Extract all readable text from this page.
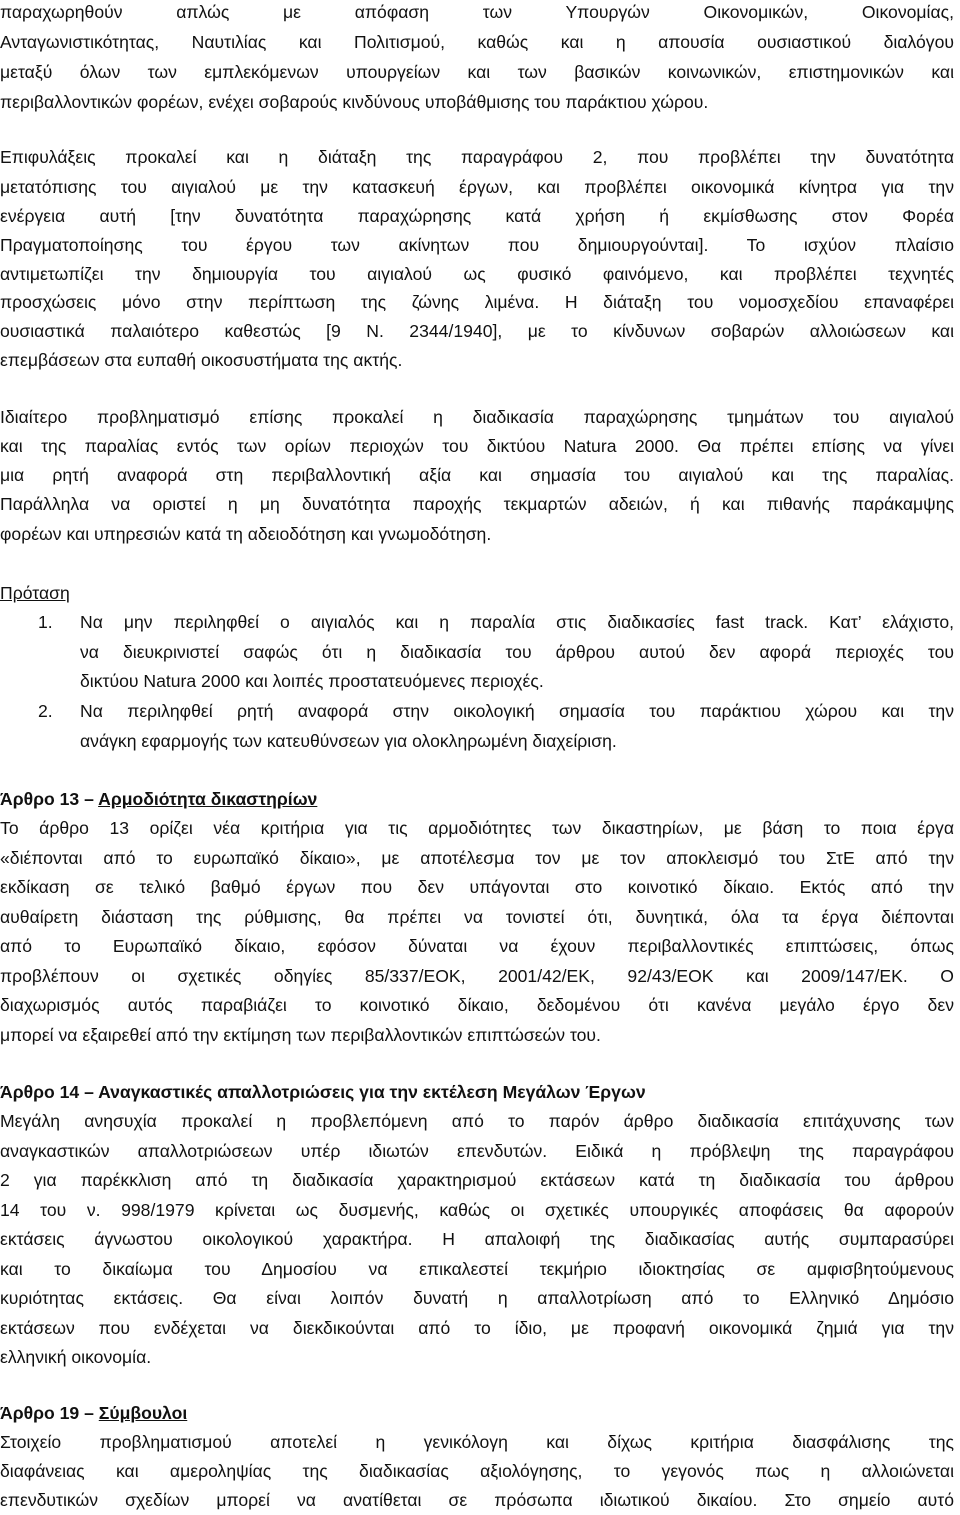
παραχωρηθούν απλώς με απόφαση των Υπουργών Οικονομικών, Οικονομίας,
Ανταγωνιστικότητας, Ναυτιλίας και Πολιτισμού, καθώς και η απουσία ουσιαστικού διαλόγου
μεταξύ όλων των εμπλεκόμενων υπουργείων και των βασικών κοινωνικών, επιστημονικών και
περιβαλλοντικών φορέων, ενέχει σοβαρούς κινδύνους υποβάθμισης του παράκτιου χώρου.
Επιφυλάξεις προκαλεί και η διάταξη της παραγράφου 2, που προβλέπει την δυνατότητα
μετατόπισης του αιγιαλού με την κατασκευή έργων, και προβλέπει οικονομικά κίνητρα για την
ενέργεια αυτή [την δυνατότητα παραχώρησης κατά χρήση ή εκμίσθωσης στον Φορέα
Πραγματοποίησης του έργου των ακίνητων που δημιουργούνται]. Το ισχύον πλαίσιο
αντιμετωπίζει την δημιουργία του αιγιαλού ως φυσικό φαινόμενο, και προβλέπει τεχνητές
προσχώσεις μόνο στην περίπτωση της ζώνης λιμένα. Η διάταξη του νομοσχεδίου επαναφέρει
ουσιαστικά παλαιότερο καθεστώς [9 Ν. 2344/1940], με το κίνδυνων σοβαρών αλλοιώσεων και
επεμβάσεων στα ευπαθή οικοσυστήματα της ακτής.
Ιδιαίτερο προβληματισμό επίσης προκαλεί η διαδικασία παραχώρησης τμημάτων του αιγιαλού
και της παραλίας εντός των ορίων περιοχών του δικτύου Natura 2000. Θα πρέπει επίσης να γίνει
μια ρητή αναφορά στη περιβαλλοντική αξία και σημασία του αιγιαλού και της παραλίας.
Παράλληλα να οριστεί η μη δυνατότητα παροχής τεκμαρτών αδειών, ή και πιθανής παράκαμψης
φορέων και υπηρεσιών κατά τη αδειοδότηση και γνωμοδότηση.
Πρόταση
1.	Να μην περιληφθεί ο αιγιαλός και η παραλία στις διαδικασίες fast track. Κατ’ ελάχιστο,
να διευκρινιστεί σαφώς ότι η διαδικασία του άρθρου αυτού δεν αφορά περιοχές του
δικτύου Natura 2000 και λοιπές προστατευόμενες περιοχές.
2.	Να περιληφθεί ρητή αναφορά στην οικολογική σημασία του παράκτιου χώρου και την
ανάγκη εφαρμογής των κατευθύνσεων για ολοκληρωμένη διαχείριση.
Άρθρο 13 – Αρμοδιότητα δικαστηρίων
Το άρθρο 13 ορίζει νέα κριτήρια για τις αρμοδιότητες των δικαστηρίων, με βάση το ποια έργα
«διέπονται από το ευρωπαϊκό δίκαιο», με αποτέλεσμα τον με τον αποκλεισμό του ΣτΕ από την
εκδίκαση σε τελικό βαθμό έργων που δεν υπάγονται στο κοινοτικό δίκαιο. Εκτός από την
αυθαίρετη διάσταση της ρύθμισης, θα πρέπει να τονιστεί ότι, δυνητικά, όλα τα έργα διέπονται
από το Ευρωπαϊκό δίκαιο, εφόσον δύναται να έχουν περιβαλλοντικές επιπτώσεις, όπως
προβλέπουν οι σχετικές οδηγίες 85/337/ΕΟΚ, 2001/42/ΕΚ, 92/43/ΕΟΚ και 2009/147/ΕΚ. Ο
διαχωρισμός αυτός παραβιάζει το κοινοτικό δίκαιο, δεδομένου ότι κανένα μεγάλο έργο δεν
μπορεί να εξαιρεθεί από την εκτίμηση των περιβαλλοντικών επιπτώσεών του.
Άρθρο 14 – Αναγκαστικές απαλλοτριώσεις για την εκτέλεση Μεγάλων Έργων
Μεγάλη ανησυχία προκαλεί η προβλεπόμενη από το παρόν άρθρο διαδικασία επιτάχυνσης των
αναγκαστικών απαλλοτριώσεων υπέρ ιδιωτών επενδυτών. Ειδικά η πρόβλεψη της παραγράφου
2 για παρέκκλιση από τη διαδικασία χαρακτηρισμού εκτάσεων κατά τη διαδικασία του άρθρου
14 του ν. 998/1979 κρίνεται ως δυσμενής, καθώς οι σχετικές υπουργικές αποφάσεις θα αφορούν
εκτάσεις άγνωστου οικολογικού χαρακτήρα. Η απαλοιφή της διαδικασίας αυτής συμπαρασύρει
και το δικαίωμα του Δημοσίου να επικαλεστεί τεκμήριο ιδιοκτησίας σε αμφισβητούμενους
κυριότητας εκτάσεις. Θα είναι λοιπόν δυνατή η απαλλοτρίωση από το Ελληνικό Δημόσιο
εκτάσεων που ενδέχεται να διεκδικούνται από το ίδιο, με προφανή οικονομικά ζημιά για την
ελληνική οικονομία.
Άρθρο 19 – Σύμβουλοι
Στοιχείο προβληματισμού αποτελεί η γενικόλογη και δίχως κριτήρια διασφάλισης της
διαφάνειας και αμεροληψίας της διαδικασίας αξιολόγησης, το γεγονός πως η αλλοιώνεται
επενδυτικών σχεδίων μπορεί να ανατίθεται σε πρόσωπα ιδιωτικού δικαίου. Στο σημείο αυτό
